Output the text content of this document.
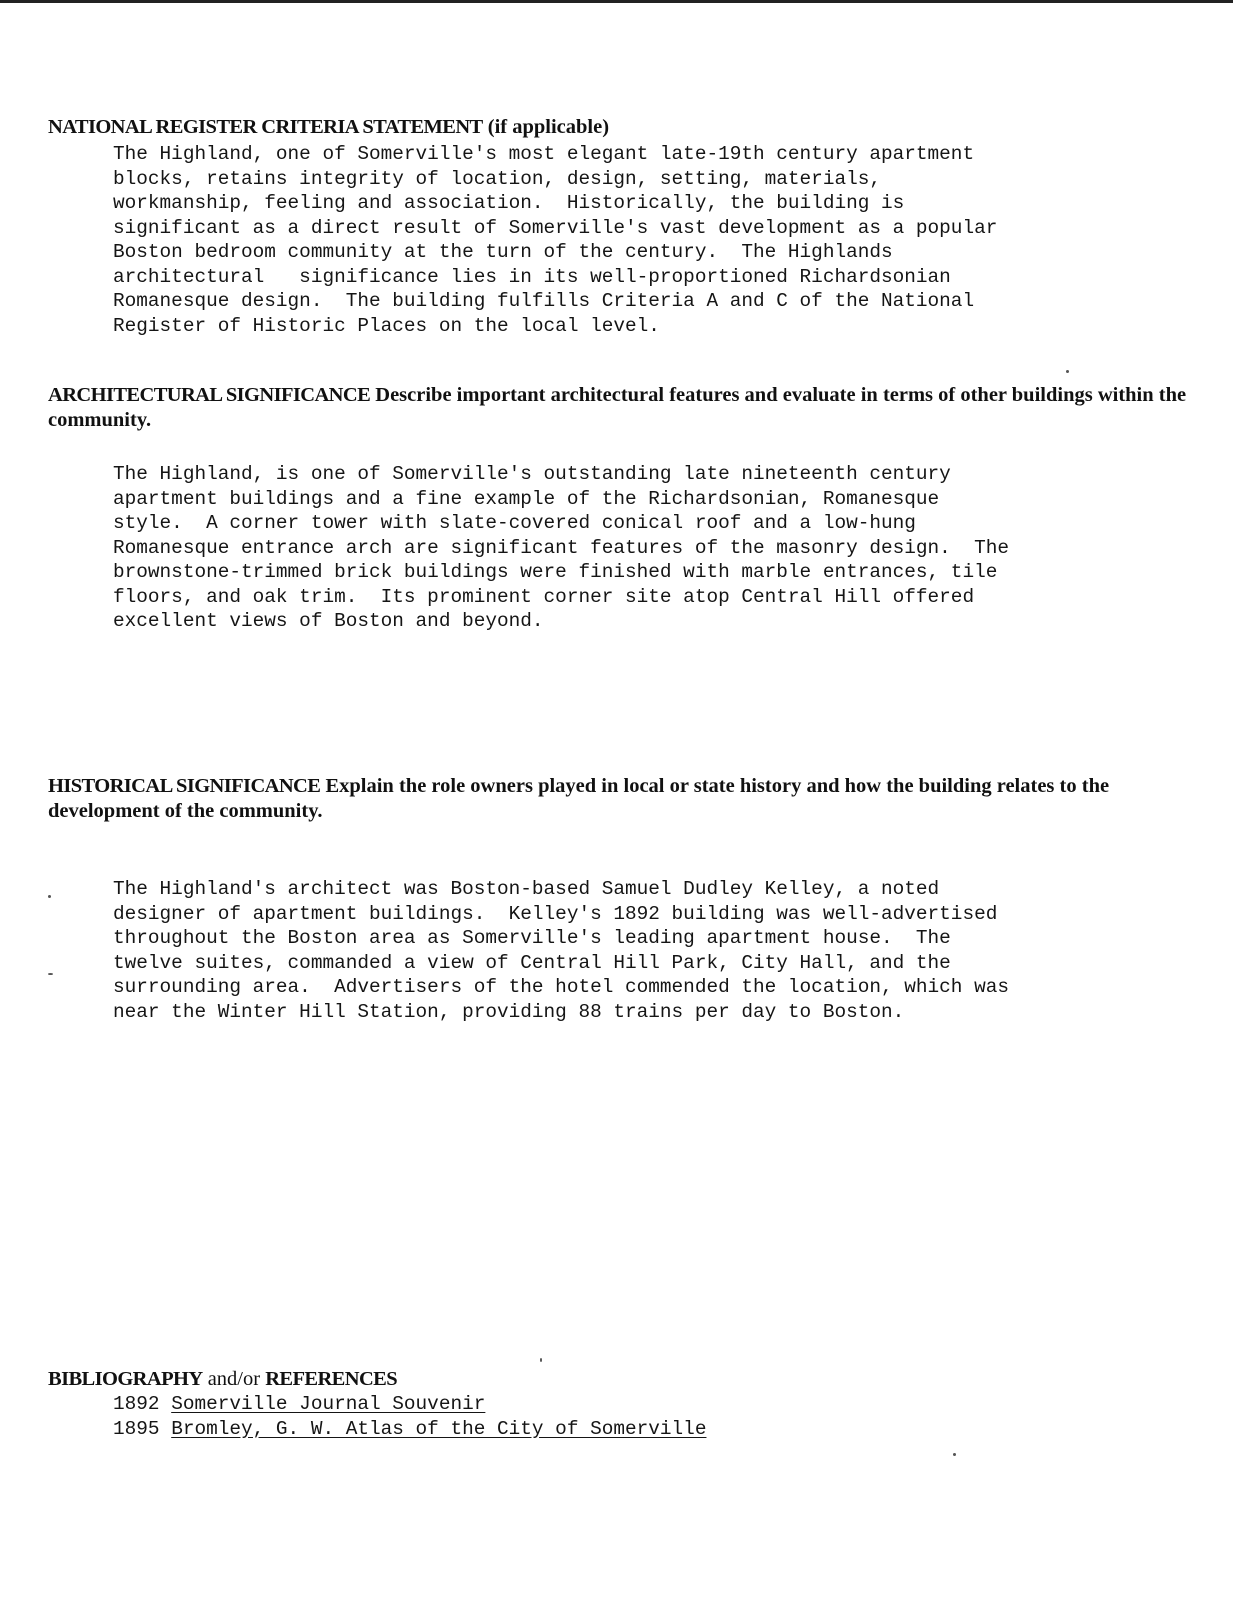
NATIONAL REGISTER CRITERIA STATEMENT (if applicable)
The Highland, one of Somerville's most elegant late-19th century apartment
blocks, retains integrity of location, design, setting, materials,
workmanship, feeling and association.  Historically, the building is
significant as a direct result of Somerville's vast development as a popular
Boston bedroom community at the turn of the century.  The Highlands
architectural   significance lies in its well-proportioned Richardsonian
Romanesque design.  The building fulfills Criteria A and C of the National
Register of Historic Places on the local level.
ARCHITECTURAL SIGNIFICANCE Describe important architectural features and evaluate in terms of other buildings within the community.
The Highland, is one of Somerville's outstanding late nineteenth century
apartment buildings and a fine example of the Richardsonian, Romanesque
style.  A corner tower with slate-covered conical roof and a low-hung
Romanesque entrance arch are significant features of the masonry design.  The
brownstone-trimmed brick buildings were finished with marble entrances, tile
floors, and oak trim.  Its prominent corner site atop Central Hill offered
excellent views of Boston and beyond.
HISTORICAL SIGNIFICANCE Explain the role owners played in local or state history and how the building relates to the development of the community.
The Highland's architect was Boston-based Samuel Dudley Kelley, a noted
designer of apartment buildings.  Kelley's 1892 building was well-advertised
throughout the Boston area as Somerville's leading apartment house.  The
twelve suites, commanded a view of Central Hill Park, City Hall, and the
surrounding area.  Advertisers of the hotel commended the location, which was
near the Winter Hill Station, providing 88 trains per day to Boston.
BIBLIOGRAPHY and/or REFERENCES
1892 Somerville Journal Souvenir
1895 Bromley, G. W. Atlas of the City of Somerville
